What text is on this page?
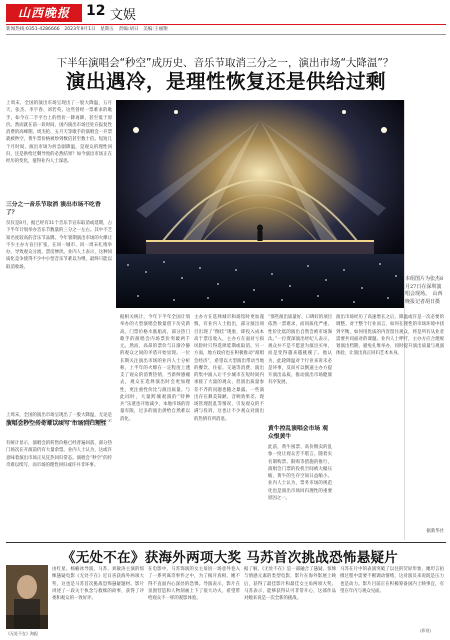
山西晚报	12 文娱
新闻热线:0351-4286666　2023年9月1日　星期五　责编:胡日　美编:王丽翔
下半年演唱会“秒空”成历史、音乐节取消三分之一，演出市场“大降温”？
演出遇冷，是理性恢复还是供给过剩
上周末，全国的演出市场呈现出了一股大降温，五月天、张杰、李宇春、刘若英，这些曾经一票难求的歌手，如今在二手平台上的售价一降再降，甚至低于原价。然而就在前一段时间，国内演出市场还处在报复性消费的高峰期，周杰伦、五月天等歌手的演唱会一开票就被秒空，黄牛票价格被炒到数倍甚至数十倍。短短几个月时间，演出市场为何急剧降温，是观众的理性回归，还是供给过剩导致的必然结果？如今演出市场正在经历的变化，值得业内人士深思。
三分之一音乐节取消 演出市场不吃香了？
仅仅是8月，据已经有31个音乐节宣布取消或延期，占下半年计划举办音乐节数量的三分之一左右。其中不乏知名度较高的音乐节品牌。今年暑期演出市场的火爆让不少主办方盲目扩张，在同一城市、同一周末扎堆举办，导致观众分流、票房惨淡。业内人士表示，这种同质化竞争使得不少中小型音乐节难以为继，最终只能以取消收场。
上周末，全国的演出市场呈现出了一股大降温，无论是
演唱会秒空传奇难以续写 市场回归理性
有统计显示，演唱会的转售价格已经普遍回落，部分热门场次在开演前仍有大量余票。业内人士认为，这或许意味着演出市场正从狂热回归常态。演唱会“秒空”的传奇难以续写，而市场的理性回归或许并非坏事。
本组图片为张杰8月27日在深圳演唱会现场。　山西晚报记者胡日摄
据相关统计，今年下半年全国计划举办的大型演唱会数量创下历史新高。门票价格水涨船高，部分热门歌手的演唱会内场票价突破两千元。然而，高昂的票价与日渐冷静的观众之间的矛盾开始显现。一位长期关注演出市场的业内人士分析称，上半年的火爆在一定程度上透支了观众的消费热情，当新鲜感褪去，观众在选择演出时会更加理性，更注重性价比与演出质量。与此同时，大量跨城观演的“特种兵”乐迷也开始减少，本地市场的容量有限，过多的演出供给自然难以消化。
主办方在选择城市和场馆时更加谨慎，有业内人士指出，部分演出项目出现了“倒挂”现象，即投入成本高于票房收入，主办方在面对亏损风险时只得选择延期或取消。另一方面，地方政府也在积极推动“演唱会经济”，希望以大型演出带动当地的餐饮、住宿、交通等消费，演出的集中涌入让不少城市在短时间内承接了大量的观众，但演出质量参差不齐的问题也随之暴露。一些演出存在舞美简陋、音响效果差、现场管理混乱等情况，引发观众的不满与投诉，这也让不少观众对演出的热情有所消退。
“那些演出质量好、口碑好的项目依然一票难求，而同质化严重、性价比低的演出自然会被市场淘汰。”一位资深演出经纪人表示，观众并不是不愿意为演出买单，而是变得越来越挑剔了。他认为，此轮降温对于行业来说未必是坏事，反而可以倒逼主办方提升演出品质，推动演出市场健康有序发展。
黄牛控乱演唱会市场 观众恨黄牛
此前，黄牛囤票、高价倒卖的乱象一度让观众苦不堪言。随着实名制购票、限购等措施的推行，演唱会门票的投机空间被大幅压缩，黄牛的生存空间日益缩小。业内人士认为，票务市场的规范化也是演出市场回归理性的重要原因之一。
演出市场经历了高速增长之后，降温或许是一次必要的调整。对于整个行业而言，如何在理性的市场环境中找到平衡，如何用优质的内容留住观众，将是所有从业者需要共同面对的课题。业内人士呼吁，主办方应合理规划演出档期，避免扎堆举办，同时提升演出质量与观演体验，让演出真正回归艺术本身。
据新华社
《无处不在》获海外两项大奖 马苏首次挑战恐怖悬疑片
《无处不在》海报
由红星、杨楠冰导演，马苏、刘敏涛主演的惊悚悬疑电影《无处不在》近日喜获海外两项大奖，这也是马苏首次挑战恐怖悬疑题材。影片讲述了一段关于执念与救赎的故事，获得了评委和观众的一致好评。
在电影中，马苏饰演的女主角因一场意外卷入了一系列离奇事件之中，为了揭开真相，她不得不直面内心深处的恐惧。导演表示，影片在氛围营造和人物刻画上下了很大功夫，希望带给观众不一样的观影体验。
据了解，《无处不在》是一部融合了悬疑、惊悚与情感元素的类型电影，影片在海外影展上映后，获得了最佳影片和最佳女主角两项大奖。马苏表示，能够获得认可非常开心，这部作品对她来说是一次全新的挑战。
马苏在片中的表演突破了以往的荧屏形象，她坦言拍摄过程中需要不断调动情绪，这对演员来说既是压力也是动力。影片目前正在积极筹备国内上映事宜，有望在年内与观众见面。
(影视)
